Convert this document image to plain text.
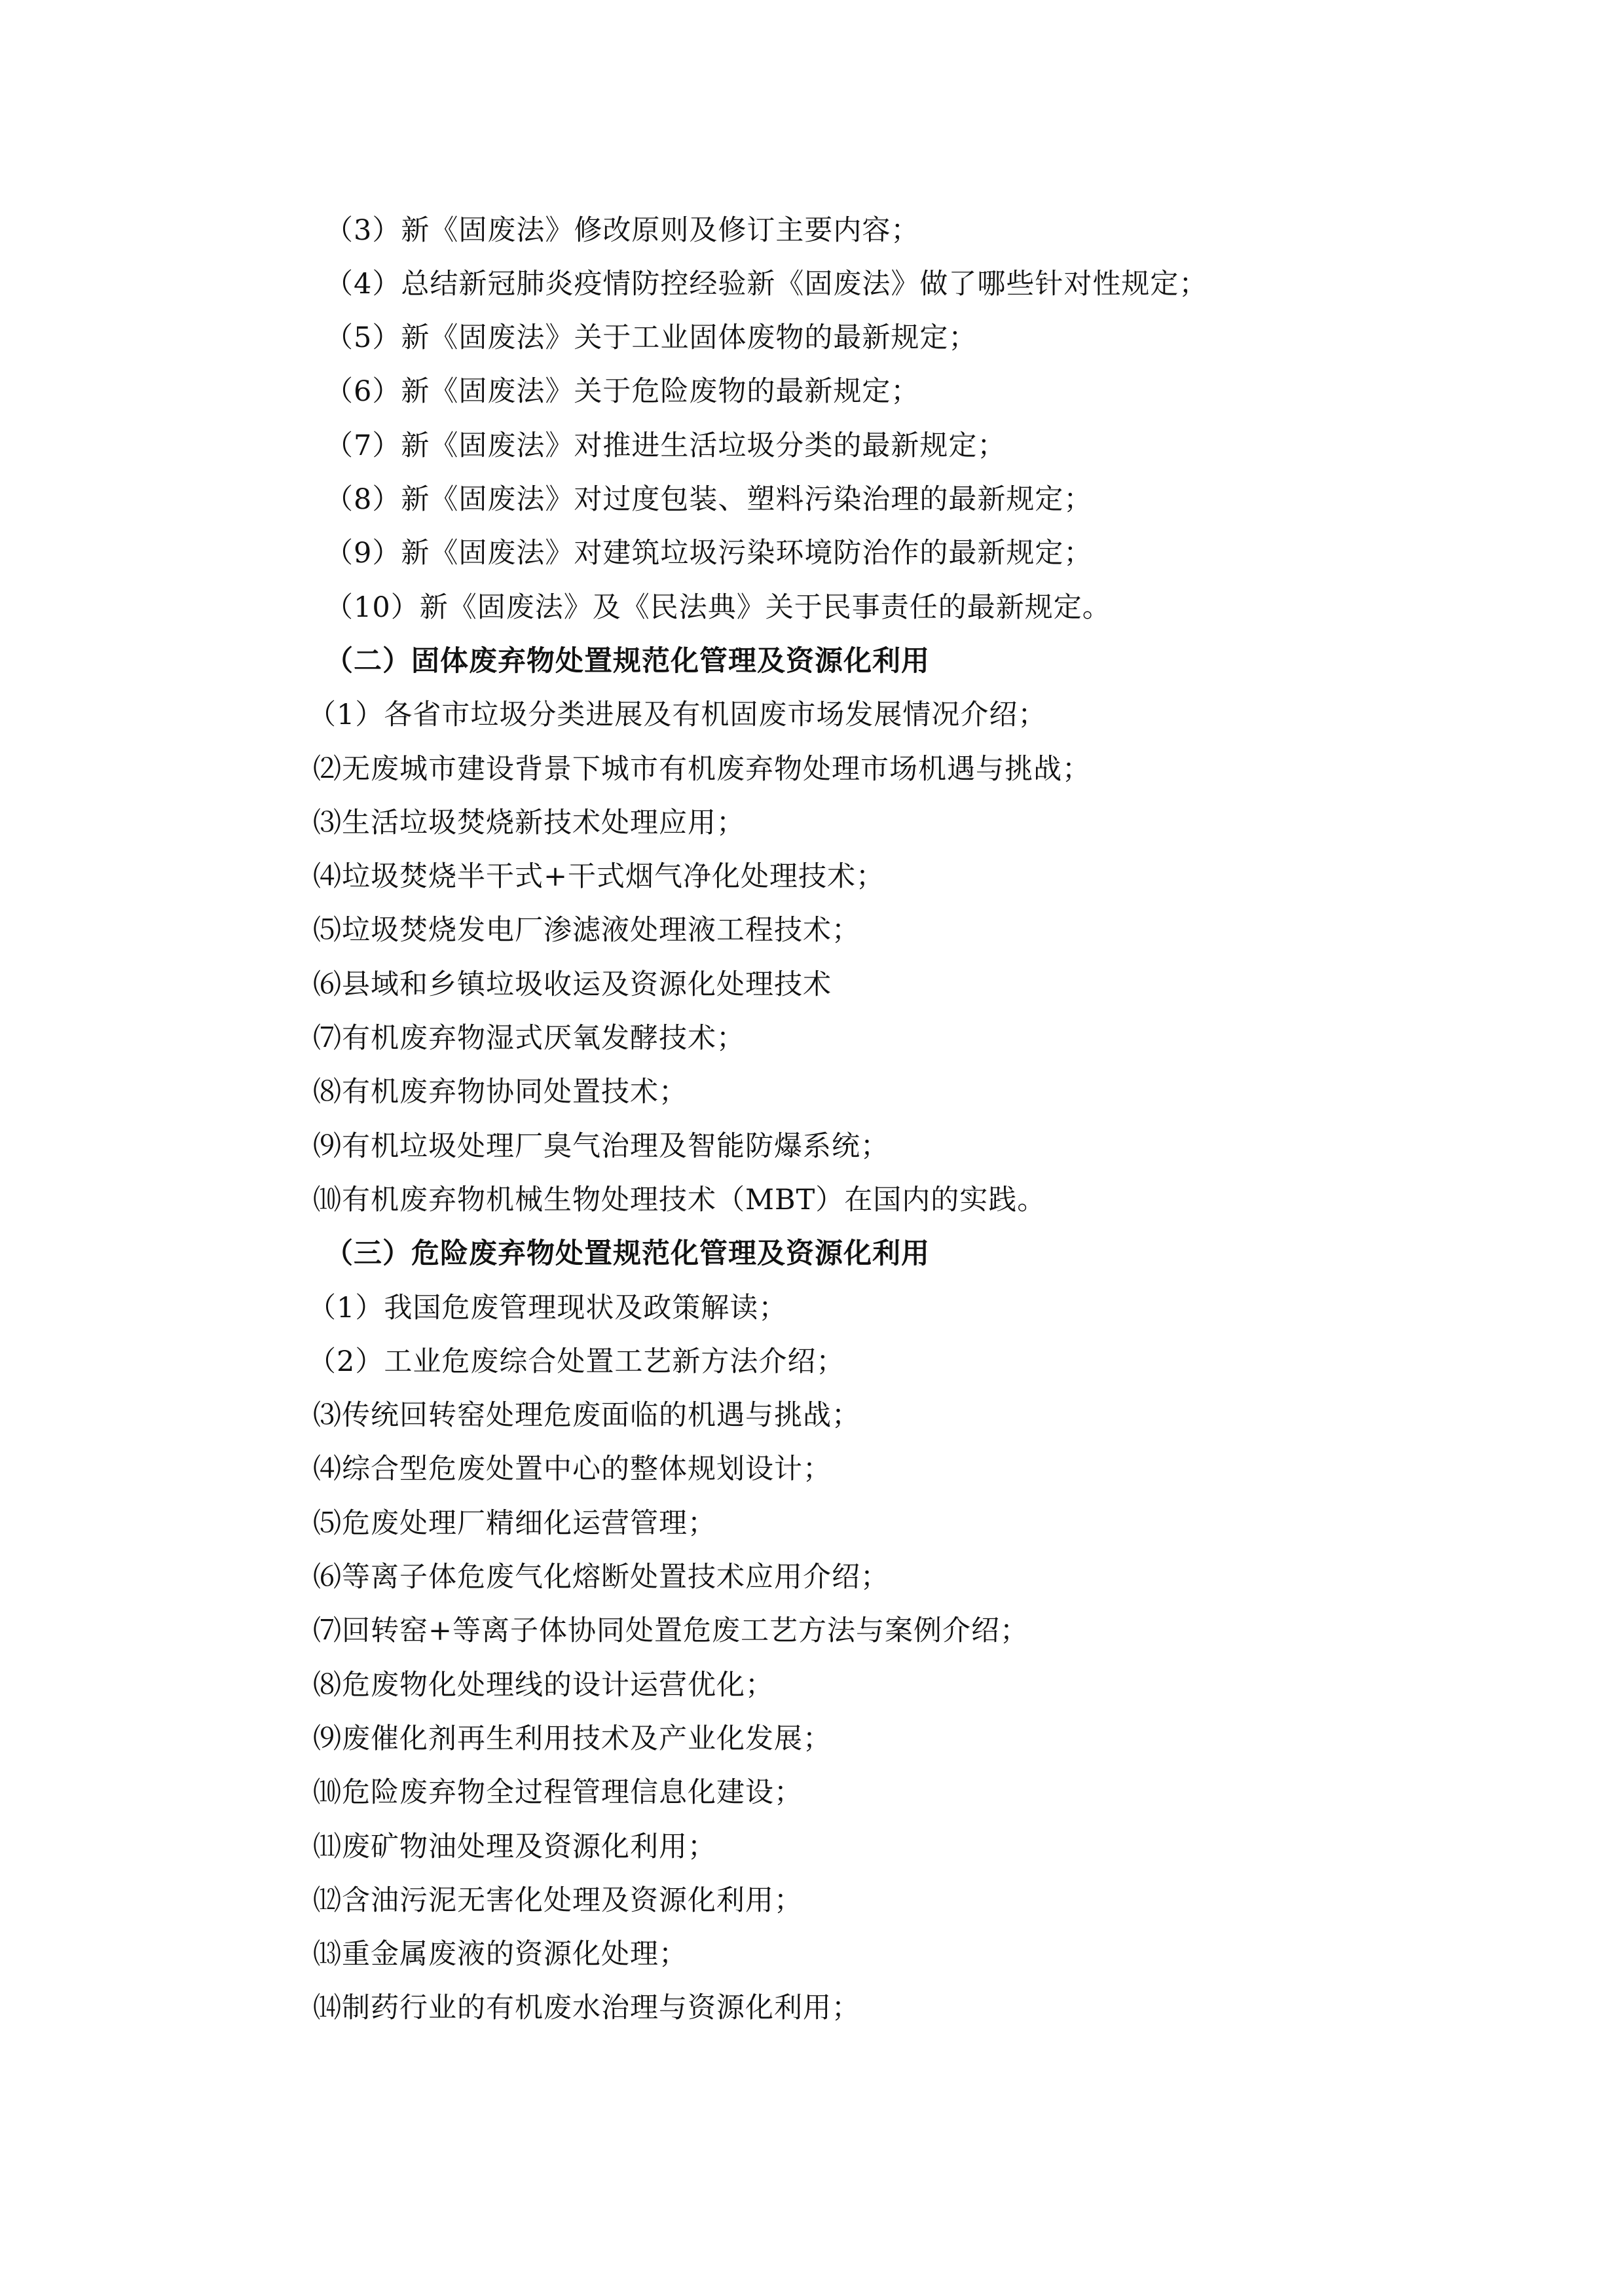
（3）新《固废法》修改原则及修订主要内容；
（4）总结新冠肺炎疫情防控经验新《固废法》做了哪些针对性规定；
（5）新《固废法》关于工业固体废物的最新规定；
（6）新《固废法》关于危险废物的最新规定；
（7）新《固废法》对推进生活垃圾分类的最新规定；
（8）新《固废法》对过度包装、塑料污染治理的最新规定；
（9）新《固废法》对建筑垃圾污染环境防治作的最新规定；
（10）新《固废法》及《民法典》关于民事责任的最新规定。
（二）固体废弃物处置规范化管理及资源化利用
（1）各省市垃圾分类进展及有机固废市场发展情况介绍；
⑵无废城市建设背景下城市有机废弃物处理市场机遇与挑战；
⑶生活垃圾焚烧新技术处理应用；
⑷垃圾焚烧半干式+干式烟气净化处理技术；
⑸垃圾焚烧发电厂渗滤液处理液工程技术；
⑹县域和乡镇垃圾收运及资源化处理技术
⑺有机废弃物湿式厌氧发酵技术；
⑻有机废弃物协同处置技术；
⑼有机垃圾处理厂臭气治理及智能防爆系统；
⑽有机废弃物机械生物处理技术（MBT）在国内的实践。
（三）危险废弃物处置规范化管理及资源化利用
（1）我国危废管理现状及政策解读；
（2）工业危废综合处置工艺新方法介绍；
⑶传统回转窑处理危废面临的机遇与挑战；
⑷综合型危废处置中心的整体规划设计；
⑸危废处理厂精细化运营管理；
⑹等离子体危废气化熔断处置技术应用介绍；
⑺回转窑+等离子体协同处置危废工艺方法与案例介绍；
⑻危废物化处理线的设计运营优化；
⑼废催化剂再生利用技术及产业化发展；
⑽危险废弃物全过程管理信息化建设；
⑾废矿物油处理及资源化利用；
⑿含油污泥无害化处理及资源化利用；
⒀重金属废液的资源化处理；
⒁制药行业的有机废水治理与资源化利用；
